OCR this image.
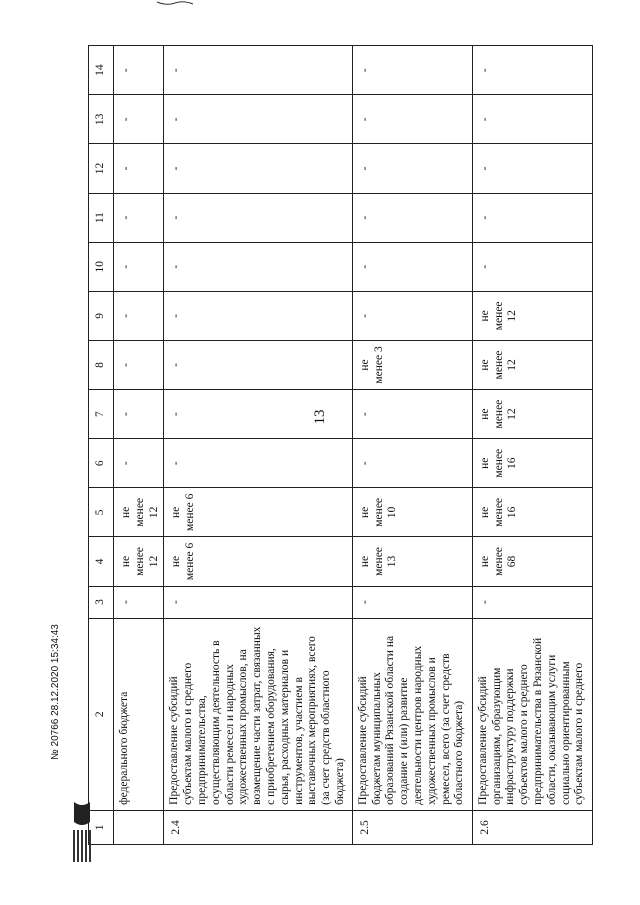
13
1	2	3	4	5	6	7	8	9	10	11	12	13	14
	федерального бюджета	-	не менее 12	не менее 12	-	-	-	-	-	-	-	-	-
2.4	Предоставление субсидий субъектам малого и среднего предпринимательства, осуществляющим деятельность в области ремесел и народных художественных промыслов, на возмещение части затрат, связанных с приобретением оборудования, сырья, расходных материалов и инструментов, участием в выставочных мероприятиях, всего (за счет средств областного бюджета)	-	не менее 6	не менее 6	-	-	-	-	-	-	-	-	-
2.5	Предоставление субсидий бюджетам муниципальных образований Рязанской области на создание и (или) развитие деятельности центров народных художественных промыслов и ремесел, всего (за счет средств областного бюджета)	-	не менее 13	не менее 10	-	-	не менее 3	-	-	-	-	-	-
2.6	Предоставление субсидий организациям, образующим инфраструктуру поддержки субъектов малого и среднего предпринимательства в Рязанской области, оказывающим услуги социально ориентированным субъектам малого и среднего	-	не менее 68	не менее 16	не менее 16	не менее 12	не менее 12	не менее 12	-	-	-	-	-
№ 20766 28.12.2020 15:34:43
